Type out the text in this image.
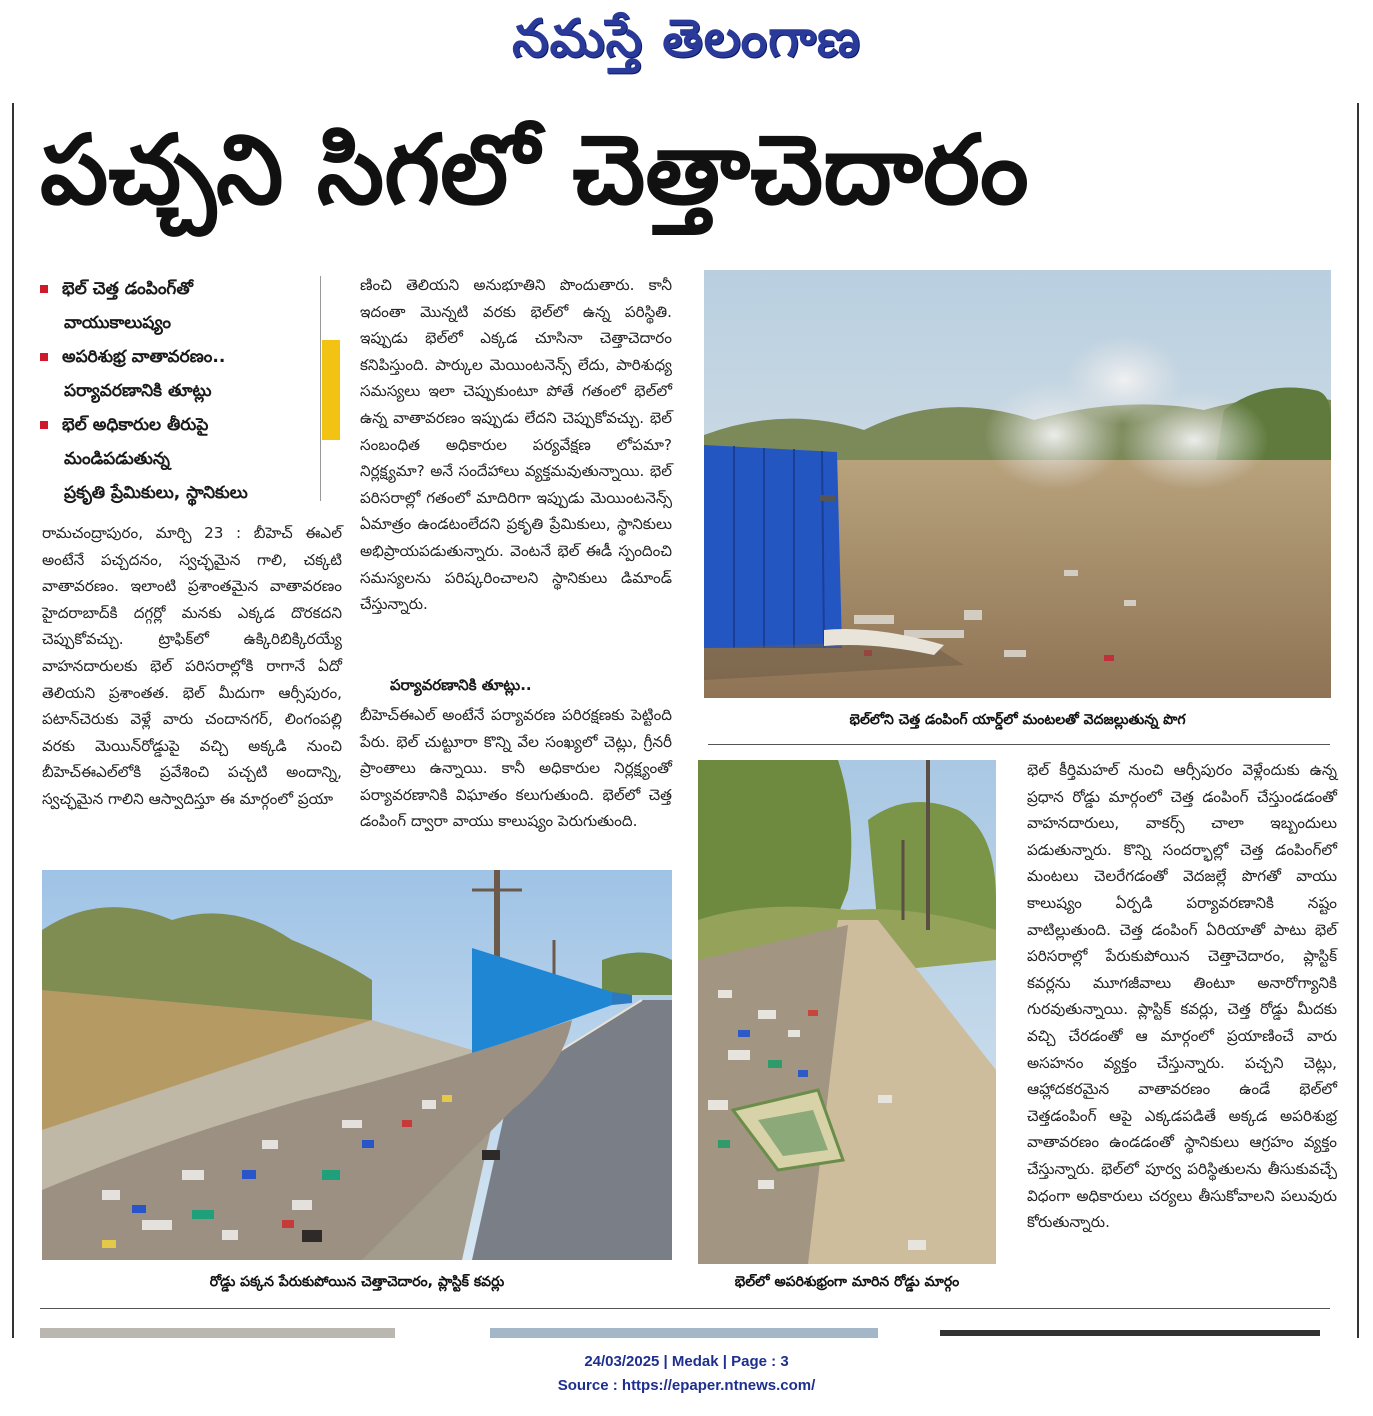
నమస్తే తెలంగాణ
పచ్చని సిగలో చెత్తాచెదారం
భెల్ చెత్త డంపింగ్‌తో
వాయుకాలుష్యం
అపరిశుభ్ర వాతావరణం..
పర్యావరణానికి తూట్లు
భెల్ అధికారుల తీరుపై
మండిపడుతున్న
ప్రకృతి ప్రేమికులు, స్థానికులు
రామచంద్రాపురం, మార్చి 23 : బీహెచ్ ఈఎల్ అంటేనే పచ్చదనం, స్వచ్ఛమైన గాలి, చక్కటి వాతావరణం. ఇలాంటి ప్రశాంతమైన వాతావరణం హైదరాబాద్‌కి దగ్గర్లో మనకు ఎక్కడ దొరకదని చెప్పుకోవచ్చు. ట్రాఫిక్‌లో ఉక్కిరిబిక్కిరయ్యే వాహనదారులకు భెల్ పరిసరాల్లోకి రాగానే ఏదో తెలియని ప్రశాంతత. భెల్ మీదుగా ఆర్సీపురం, పటాన్‌చెరుకు వెళ్లే వారు చందానగర్, లింగంపల్లి వరకు మెయిన్‌రోడ్డుపై వచ్చి అక్కడి నుంచి బీహెచ్‌ఈఎల్‌లోకి ప్రవేశించి పచ్చటి అందాన్ని, స్వచ్ఛమైన గాలిని ఆస్వాదిస్తూ ఈ మార్గంలో ప్రయా
ణించి తెలియని అనుభూతిని పొందుతారు. కానీ ఇదంతా మొన్నటి వరకు భెల్‌లో ఉన్న పరిస్థితి. ఇప్పుడు భెల్‌లో ఎక్కడ చూసినా చెత్తాచెదారం కనిపిస్తుంది. పార్కుల మెయింటనెన్స్ లేదు, పారిశుధ్య సమస్యలు ఇలా చెప్పుకుంటూ పోతే గతంలో భెల్‌లో ఉన్న వాతావరణం ఇప్పుడు లేదని చెప్పుకోవచ్చు. భెల్ సంబంధిత అధికారుల పర్యవేక్షణ లోపమా? నిర్లక్ష్యమా? అనే సందేహాలు వ్యక్తమవుతున్నాయి. భెల్ పరిసరాల్లో గతంలో మాదిరిగా ఇప్పుడు మెయింటనెన్స్ ఏమాత్రం ఉండటంలేదని ప్రకృతి ప్రేమికులు, స్థానికులు అభిప్రాయపడుతున్నారు. వెంటనే భెల్ ఈడీ స్పందించి సమస్యలను పరిష్కరించాలని స్థానికులు డిమాండ్ చేస్తున్నారు.
పర్యావరణానికి తూట్లు..
బీహెచ్‌ఈఎల్ అంటేనే పర్యావరణ పరిరక్షణకు పెట్టింది పేరు. భెల్ చుట్టూరా కొన్ని వేల సంఖ్యలో చెట్లు, గ్రీనరీ ప్రాంతాలు ఉన్నాయి. కానీ అధికారుల నిర్లక్ష్యంతో పర్యావరణానికి విఘాతం కలుగుతుంది. భెల్‌లో చెత్త డంపింగ్ ద్వారా వాయు కాలుష్యం పెరుగుతుంది.
భెల్ కీర్తిమహల్ నుంచి ఆర్సీపురం వెళ్లేందుకు ఉన్న ప్రధాన రోడ్డు మార్గంలో చెత్త డంపింగ్ చేస్తుండడంతో వాహనదారులు, వాకర్స్ చాలా ఇబ్బందులు పడుతున్నారు. కొన్ని సందర్భాల్లో చెత్త డంపింగ్‌లో మంటలు చెలరేగడంతో వెదజల్లే పొగతో వాయు కాలుష్యం ఏర్పడి పర్యావరణానికి నష్టం వాటిల్లుతుంది. చెత్త డంపింగ్ ఏరియాతో పాటు భెల్ పరిసరాల్లో పేరుకుపోయిన చెత్తాచెదారం, ప్లాస్టిక్ కవర్లను మూగజీవాలు తింటూ అనారోగ్యానికి గురవుతున్నాయి. ప్లాస్టిక్ కవర్లు, చెత్త రోడ్డు మీదకు వచ్చి చేరడంతో ఆ మార్గంలో ప్రయాణించే వారు అసహనం వ్యక్తం చేస్తున్నారు. పచ్చని చెట్లు, ఆహ్లాదకరమైన వాతావరణం ఉండే భెల్‌లో చెత్తడంపింగ్ ఆపై ఎక్కడపడితే అక్కడ అపరిశుభ్ర వాతావరణం ఉండడంతో స్థానికులు ఆగ్రహం వ్యక్తం చేస్తున్నారు. భెల్‌లో పూర్వ పరిస్థితులను తీసుకువచ్చే విధంగా అధికారులు చర్యలు తీసుకోవాలని పలువురు కోరుతున్నారు.
భెల్‌లోని చెత్త డంపింగ్ యార్డ్‌లో మంటలతో వెదజల్లుతున్న పొగ
రోడ్డు పక్కన పేరుకుపోయిన చెత్తాచెదారం, ప్లాస్టిక్ కవర్లు	భెల్‌లో అపరిశుభ్రంగా మారిన రోడ్డు మార్గం
24/03/2025 | Medak | Page : 3
Source : https://epaper.ntnews.com/
